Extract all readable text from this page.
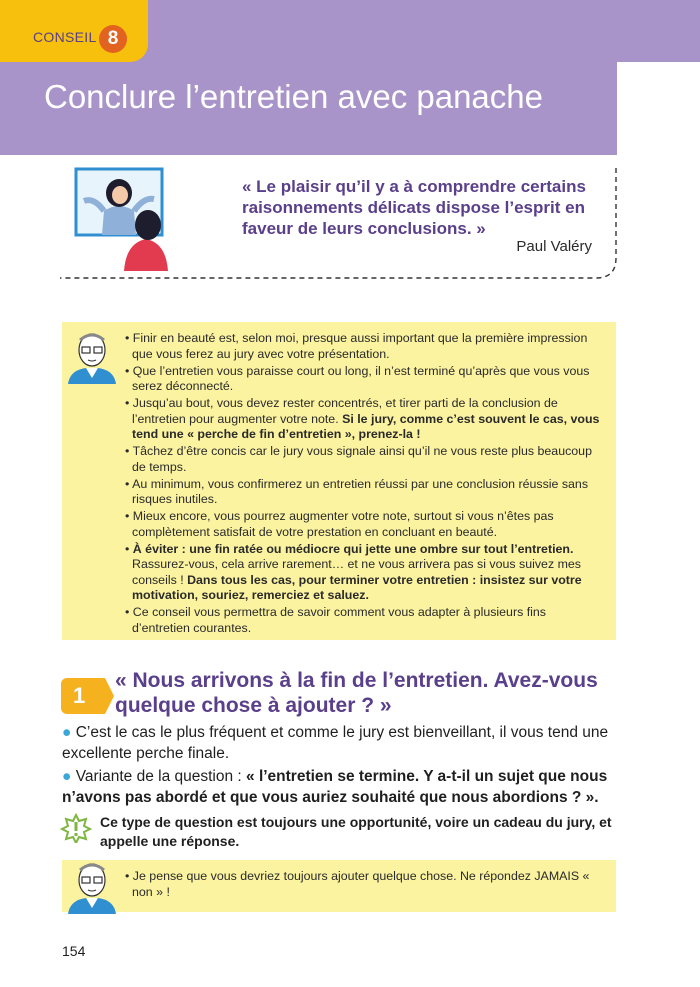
CONSEIL 8
Conclure l’entretien avec panache
« Le plaisir qu’il y a à comprendre certains raisonnements délicats dispose l’esprit en faveur de leurs conclusions. »
Paul Valéry

• Finir en beauté est, selon moi, presque aussi important que la première impression que vous ferez au jury avec votre présentation.

• Que l’entretien vous paraisse court ou long, il n’est terminé qu’après que vous vous serez déconnecté.

• Jusqu’au bout, vous devez rester concentrés, et tirer parti de la conclusion de l’entretien pour augmenter votre note. Si le jury, comme c’est souvent le cas, vous tend une « perche de fin d’entretien », prenez-la !

• Tâchez d’être concis car le jury vous signale ainsi qu’il ne vous reste plus beaucoup de temps.

• Au minimum, vous confirmerez un entretien réussi par une conclusion réussie sans risques inutiles.

• Mieux encore, vous pourrez augmenter votre note, surtout si vous n’êtes pas complètement satisfait de votre prestation en concluant en beauté.

• À éviter : une fin ratée ou médiocre qui jette une ombre sur tout l’entretien. Rassurez-vous, cela arrive rarement… et ne vous arrivera pas si vous suivez mes conseils ! Dans tous les cas, pour terminer votre entretien : insistez sur votre motivation, souriez, remerciez et saluez.

• Ce conseil vous permettra de savoir comment vous adapter à plusieurs fins d’entretien courantes.

1
« Nous arrivons à la fin de l’entretien. Avez-vous quelque chose à ajouter ? »
● C’est le cas le plus fréquent et comme le jury est bienveillant, il vous tend une excellente perche finale.
● Variante de la question : « l’entretien se termine. Y a-t-il un sujet que nous n’avons pas abordé et que vous auriez souhaité que nous abordions ? ».
Ce type de question est toujours une opportunité, voire un cadeau du jury, et appelle une réponse.

• Je pense que vous devriez toujours ajouter quelque chose. Ne répondez JAMAIS « non » !

154
